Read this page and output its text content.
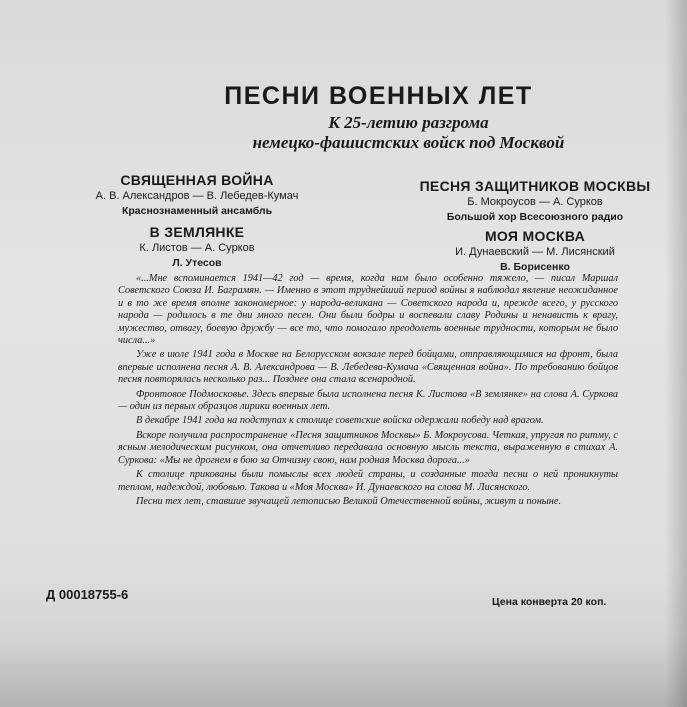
ПЕСНИ ВОЕННЫХ ЛЕТ
К 25-летию разгрома
немецко-фашистских войск под Москвой
СВЯЩЕННАЯ ВОЙНА
А. В. Александров — В. Лебедев-Кумач
Краснознаменный ансамбль
В ЗЕМЛЯНКЕ
К. Листов — А. Сурков
Л. Утесов
ПЕСНЯ ЗАЩИТНИКОВ МОСКВЫ
Б. Мокроусов — А. Сурков
Большой хор Всесоюзного радио
МОЯ МОСКВА
И. Дунаевский — М. Лисянский
В. Борисенко

«...Мне вспоминается 1941—42 год — время, когда нам было особенно тяжело, — писал Маршал Советского Союза И. Баграмян. — Именно в этот труднейший период войны я наблюдал явление неожиданное и в то же время вполне закономерное: у народа-великана — Советского народа и, прежде всего, у русского народа — родилось в те дни много песен. Они были бодры и воспевали славу Родины и ненависть к врагу, мужество, отвагу, боевую дружбу — все то, что помогало преодолеть военные трудности, которым не было числа...»

Уже в июле 1941 года в Москве на Белорусском вокзале перед бойцами, отправляющимися на фронт, была впервые исполнена песня А. В. Александрова — В. Лебедева-Кумача «Священная война». По требованию бойцов песня повторялась несколько раз... Позднее она стала всенародной.

Фронтовое Подмосковье. Здесь впервые была исполнена песня К. Листова «В землянке» на слова А. Суркова — один из первых образцов лирики военных лет.

В декабре 1941 года на подступах к столице советские войска одержали победу над врагом.

Вскоре получила распространение «Песня защитников Москвы» Б. Мокроусова. Четкая, упругая по ритму, с ясным мелодическим рисунком, она отчетливо передавала основную мысль текста, выраженную в стихах А. Суркова: «Мы не дрогнем в бою за Отчизну свою, нам родная Москва дорога...»

К столице прикованы были помыслы всех людей страны, и созданные тогда песни о ней проникнуты теплом, надеждой, любовью. Такова и «Моя Москва» И. Дунаевского на слова М. Лисянского.

Песни тех лет, ставшие звучащей летописью Великой Отечественной войны, живут и поныне.

Д 00018755-6	Цена конверта 20 коп.
